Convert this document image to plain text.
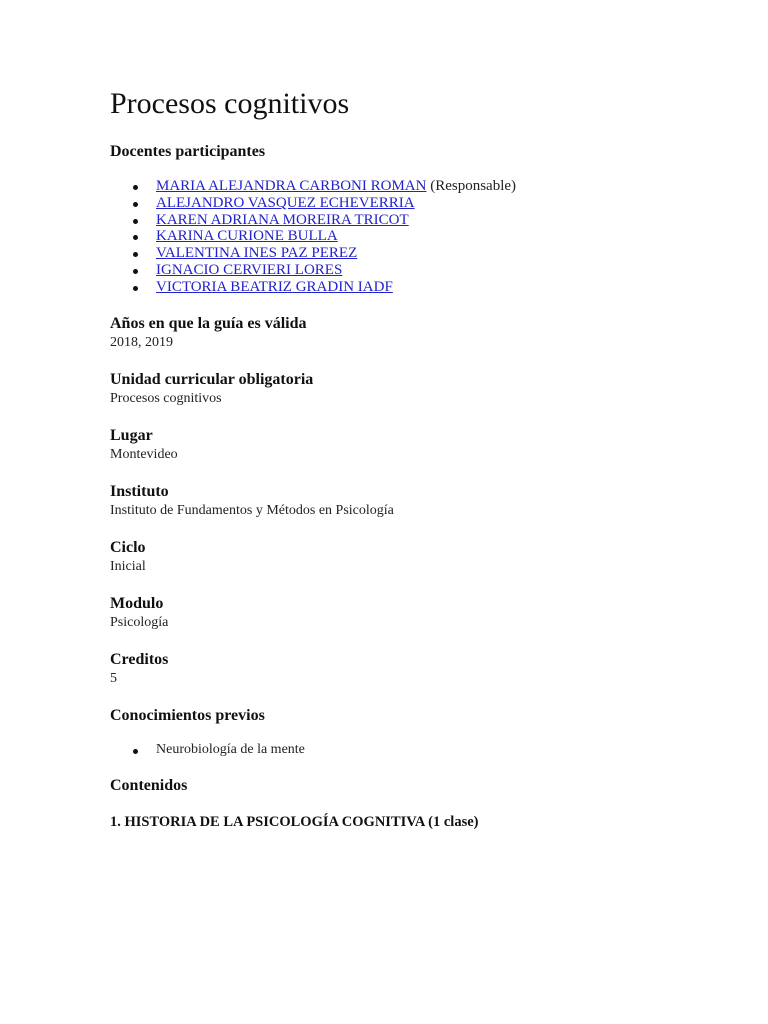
Procesos cognitivos
Docentes participantes
MARIA ALEJANDRA CARBONI ROMAN (Responsable)
ALEJANDRO VASQUEZ ECHEVERRIA
KAREN ADRIANA MOREIRA TRICOT
KARINA CURIONE BULLA
VALENTINA INES PAZ PEREZ
IGNACIO CERVIERI LORES
VICTORIA BEATRIZ GRADIN IADF
Años en que la guía es válida

2018, 2019

Unidad curricular obligatoria

Procesos cognitivos

Lugar

Montevideo

Instituto

Instituto de Fundamentos y Métodos en Psicología

Ciclo

Inicial

Modulo

Psicología

Creditos

5

Conocimientos previos
Neurobiología de la mente
Contenidos
1. HISTORIA DE LA PSICOLOGÍA COGNITIVA (1 clase)
